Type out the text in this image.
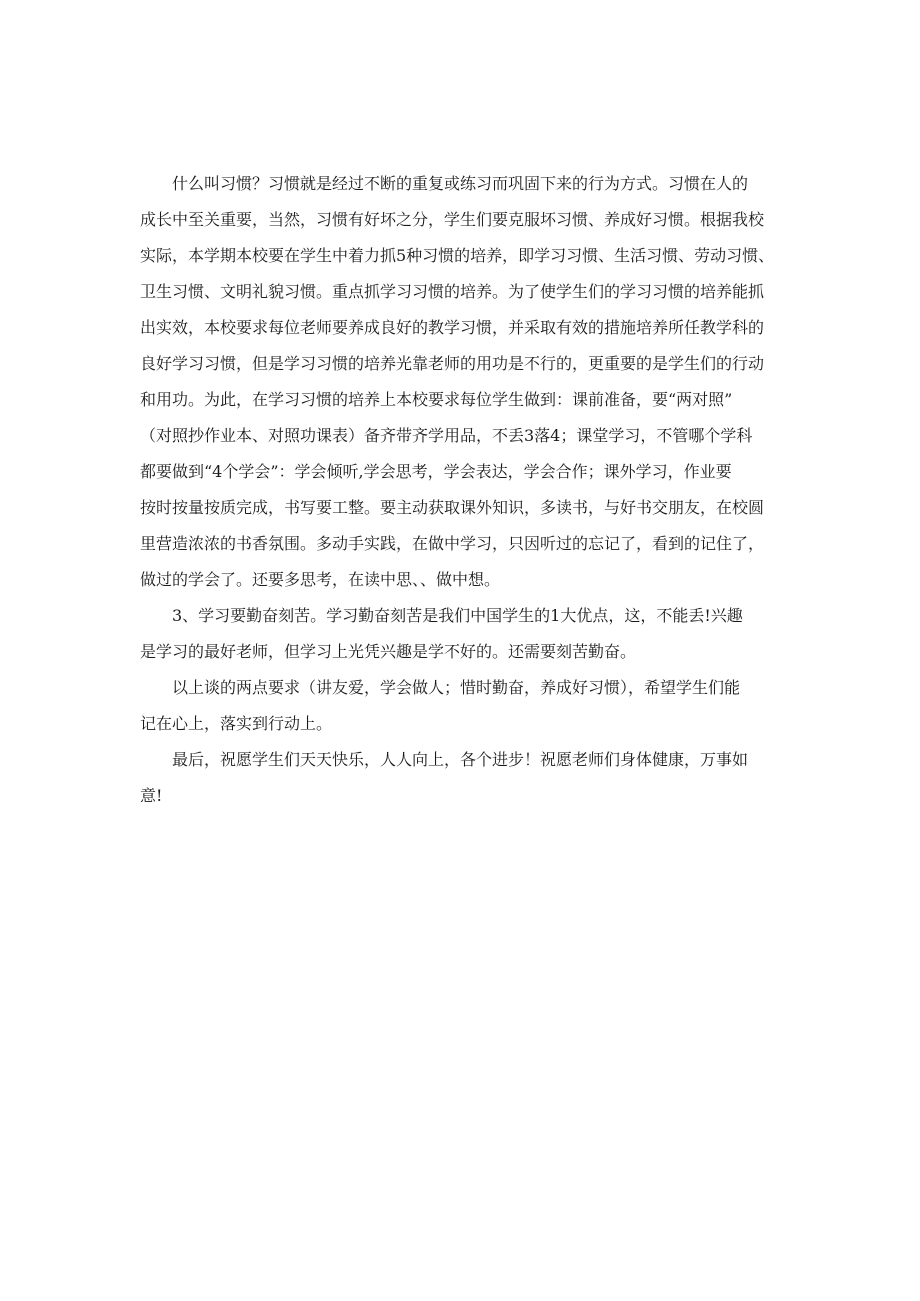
什么叫习惯？习惯就是经过不断的重复或练习而巩固下来的行为方式。习惯在人的
成长中至关重要，当然，习惯有好坏之分，学生们要克服坏习惯、养成好习惯。根据我校
实际，本学期本校要在学生中着力抓5种习惯的培养，即学习习惯、生活习惯、劳动习惯、
卫生习惯、文明礼貌习惯。重点抓学习习惯的培养。为了使学生们的学习习惯的培养能抓
出实效，本校要求每位老师要养成良好的教学习惯，并采取有效的措施培养所任教学科的
良好学习习惯，但是学习习惯的培养光靠老师的用功是不行的，更重要的是学生们的行动
和用功。为此，在学习习惯的培养上本校要求每位学生做到：课前准备，要“两对照”
（对照抄作业本、对照功课表）备齐带齐学用品，不丢3落4；课堂学习，不管哪个学科
都要做到“4个学会”：学会倾听,学会思考，学会表达，学会合作；课外学习，作业要
按时按量按质完成，书写要工整。要主动获取课外知识，多读书，与好书交朋友，在校圆
里营造浓浓的书香氛围。多动手实践，在做中学习，只因听过的忘记了，看到的记住了，
做过的学会了。还要多思考，在读中思、、做中想。
3、学习要勤奋刻苦。学习勤奋刻苦是我们中国学生的1大优点，这，不能丢!兴趣
是学习的最好老师，但学习上光凭兴趣是学不好的。还需要刻苦勤奋。
以上谈的两点要求（讲友爱，学会做人；惜时勤奋，养成好习惯），希望学生们能
记在心上，落实到行动上。
最后，祝愿学生们天天快乐，人人向上，各个进步！祝愿老师们身体健康，万事如
意!
